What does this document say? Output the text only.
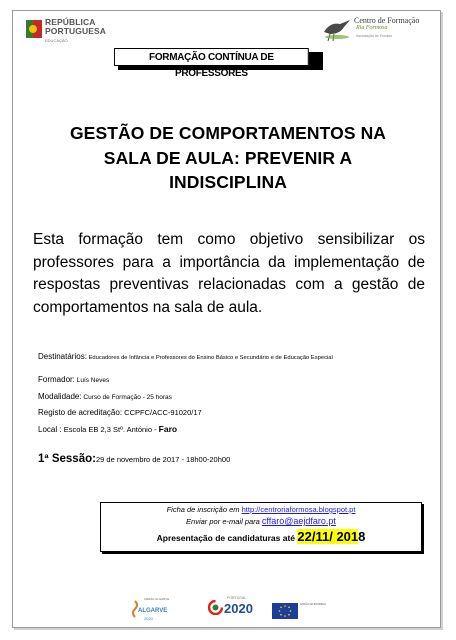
REPÚBLICA
PORTUGUESA
EDUCAÇÃO
Centro de Formação
Ria Formosa
Associação de Escolas
FORMAÇÃO CONTÍNUA DE PROFESSORES
GESTÃO DE COMPORTAMENTOS NA
SALA DE AULA: PREVENIR A
INDISCIPLINA
Esta formação tem como objetivo sensibilizar os professores para a importância da implementação de respostas preventivas relacionadas com a gestão de comportamentos na sala de aula.

Destinatários: Educadores de Infância e Professores do Ensino Básico e Secundário e de Educação Especial

Formador: Luís Neves

Modalidade: Curso de Formação - 25 horas

Registo de acreditação: CCPFC/ACC-91020/17

Local : Escola EB 2,3 Stº. António - Faro

1ª Sessão:29 de novembro de 2017 - 18h00-20h00
Ficha de inscrição em http://centroriaformosa.blogspot.pt
Enviar por e-mail para cffaro@aejdfaro.pt
Apresentação de candidaturas até 22/11/ 2018
CRESC ALGARVE
ALGARVE
2020
PORTUGAL
2020	UNIÃO EUROPEIA
